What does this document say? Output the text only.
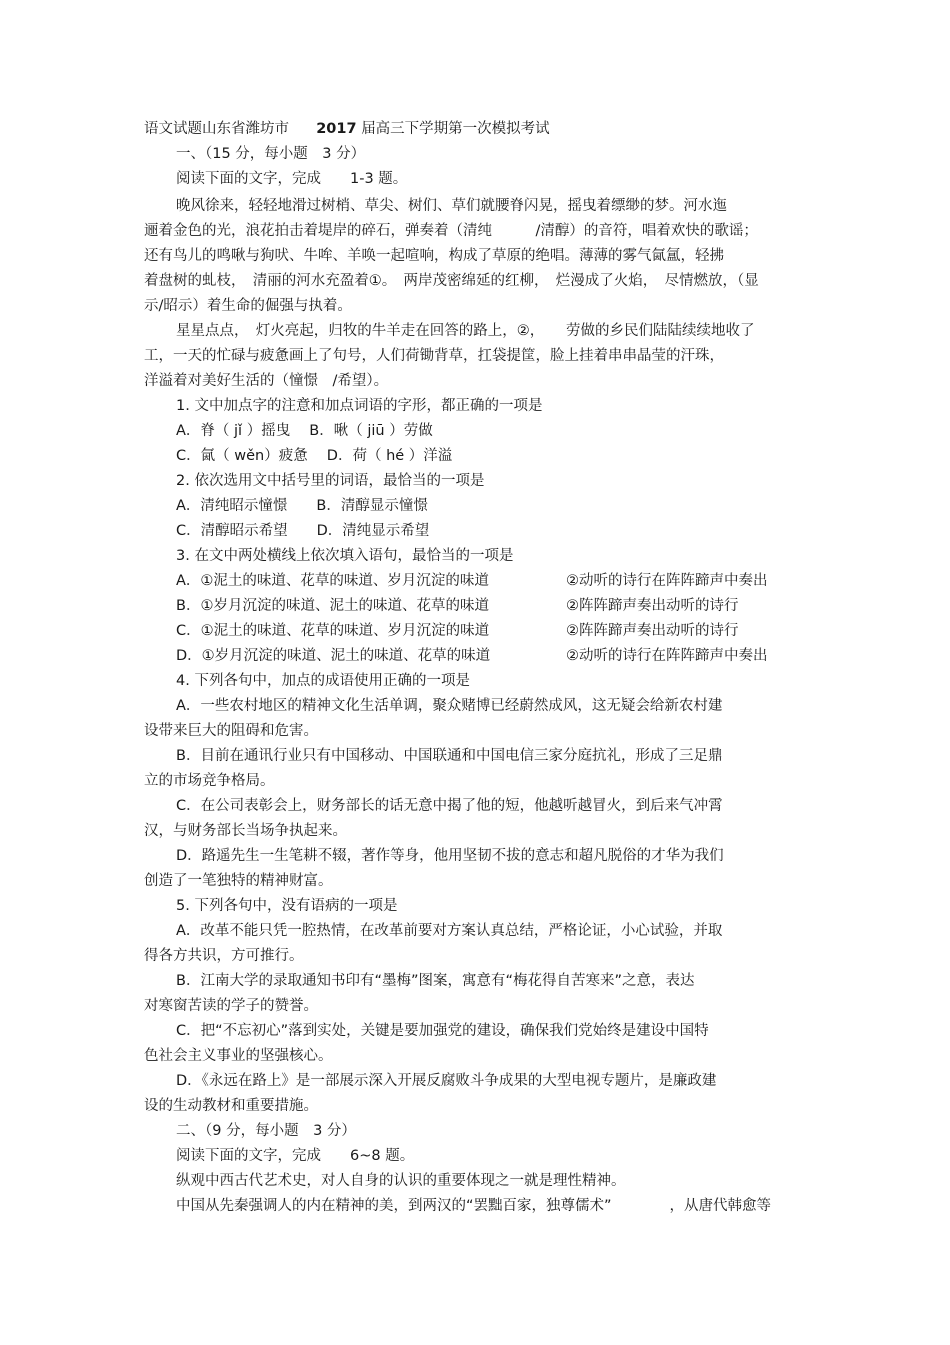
语文试题山东省潍坊市 2017 届高三下学期第一次模拟考试
一、（15 分，每小题　3 分）
阅读下面的文字，完成　　1-3 题。
晚风徐来，轻轻地滑过树梢、草尖、树们、草们就腰脊闪晃，摇曳着缥缈的梦。河水迤
逦着金色的光，浪花拍击着堤岸的碎石，弹奏着（清纯　　　/清醇）的音符，唱着欢快的歌谣；
还有鸟儿的鸣啾与狗吠、牛哞、羊唤一起喧响，构成了草原的绝唱。薄薄的雾气氤氲，轻拂
着盘树的虬枝，　清丽的河水充盈着①。　两岸茂密绵延的红柳，　烂漫成了火焰，　尽情燃放，（显
示/昭示）着生命的倔强与执着。
星星点点，　灯火亮起，归牧的牛羊走在回答的路上，②，　　劳做的乡民们陆陆续续地收了
工，一天的忙碌与疲惫画上了句号，人们荷锄背草，扛袋提筐，脸上挂着串串晶莹的汗珠，
洋溢着对美好生活的（憧憬　/希望）。
1. 文中加点字的注意和加点词语的字形，都正确的一项是
A．脊（ jǐ ）摇曳　 B．啾（ jiū ）劳做
C．氤（ wěn）疲惫　 D．荷（ hé ）洋溢
2. 依次选用文中括号里的词语，最恰当的一项是
A．清纯昭示憧憬　　B．清醇显示憧憬
C．清醇昭示希望　　D．清纯显示希望
3. 在文中两处横线上依次填入语句，最恰当的一项是
A．①泥土的味道、花草的味道、岁月沉淀的味道	②动听的诗行在阵阵蹄声中奏出
B．①岁月沉淀的味道、泥土的味道、花草的味道	②阵阵蹄声奏出动听的诗行
C．①泥土的味道、花草的味道、岁月沉淀的味道	②阵阵蹄声奏出动听的诗行
D．①岁月沉淀的味道、泥土的味道、花草的味道	②动听的诗行在阵阵蹄声中奏出
4. 下列各句中，加点的成语使用正确的一项是
A．一些农村地区的精神文化生活单调，聚众赌博已经蔚然成风，这无疑会给新农村建
设带来巨大的阻碍和危害。
B．目前在通讯行业只有中国移动、中国联通和中国电信三家分庭抗礼，形成了三足鼎
立的市场竞争格局。
C．在公司表彰会上，财务部长的话无意中揭了他的短，他越听越冒火，到后来气冲霄
汉，与财务部长当场争执起来。
D．路遥先生一生笔耕不辍，著作等身，他用坚韧不拔的意志和超凡脱俗的才华为我们
创造了一笔独特的精神财富。
5. 下列各句中，没有语病的一项是
A．改革不能只凭一腔热情，在改革前要对方案认真总结，严格论证，小心试验，并取
得各方共识，方可推行。
B．江南大学的录取通知书印有“墨梅”图案，寓意有“梅花得自苦寒来”之意，表达
对寒窗苦读的学子的赞誉。
C．把“不忘初心”落到实处，关键是要加强党的建设，确保我们党始终是建设中国特
色社会主义事业的坚强核心。
D．《永远在路上》是一部展示深入开展反腐败斗争成果的大型电视专题片，是廉政建
设的生动教材和重要措施。
二、（9 分，每小题　3 分）
阅读下面的文字，完成　　6~8 题。
纵观中西古代艺术史，对人自身的认识的重要体现之一就是理性精神。
中国从先秦强调人的内在精神的美，到两汉的“罢黜百家，独尊儒术”　　　　，从唐代韩愈等
